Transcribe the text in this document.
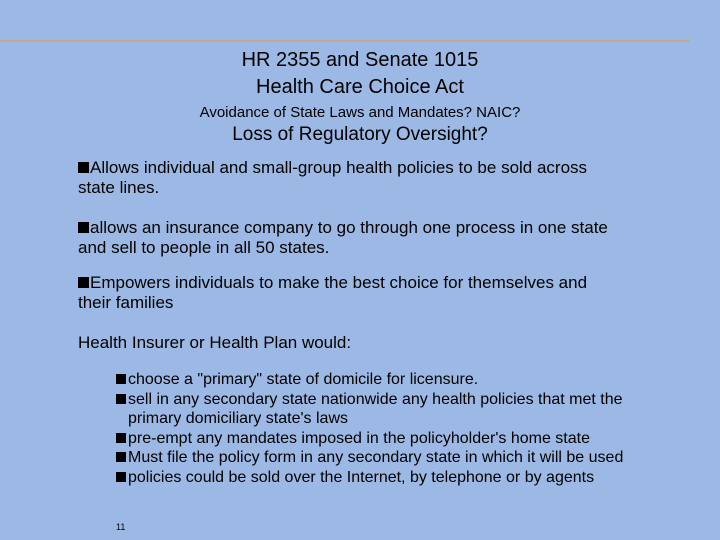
HR 2355 and Senate 1015
Health Care Choice Act
Avoidance of State Laws and Mandates? NAIC?
Loss of Regulatory Oversight?
Allows individual and small-group health policies to be sold across
state lines.
allows an insurance company to go through one process in one state
and sell to people in all 50 states.
Empowers individuals to make the best choice for themselves and
their families
Health Insurer or Health Plan would:
choose a "primary" state of domicile for licensure.
sell in any secondary state nationwide any health policies that met the
primary domiciliary state's laws
pre-empt any mandates imposed in the policyholder's home state
Must file the policy form in any secondary state in which it will be used
policies could be sold over the Internet, by telephone or by agents
11
